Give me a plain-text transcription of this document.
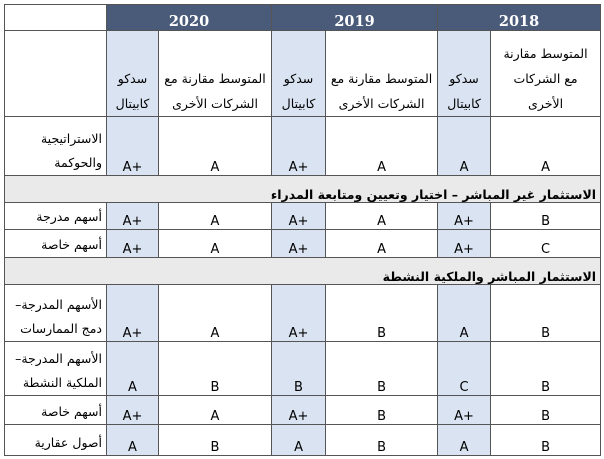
	2020		2019		2018	
	سدكو كابيتال	المتوسط مقارنة مع الشركات الأخرى	سدكو كابيتال	المتوسط مقارنة مع الشركات الأخرى	سدكو كابيتال	المتوسط مقارنة مع الشركات الأخرى
الاستراتيجية والحوكمة	A+	A	A+	A	A	A
الاستثمار غير المباشر – اختيار وتعيين ومتابعة المدراء						
أسهم مدرجة	A+	A	A+	A	A+	B
أسهم خاصة	A+	A	A+	A	A+	C
الاستثمار المباشر والملكية النشطة						
الأسهم المدرجة– دمج الممارسات	A+	A	A+	B	A	B
الأسهم المدرجة– الملكية النشطة	A	B	B	B	C	B
أسهم خاصة	A+	A	A+	B	A+	B
أصول عقارية	A	B	A	B	A	B
